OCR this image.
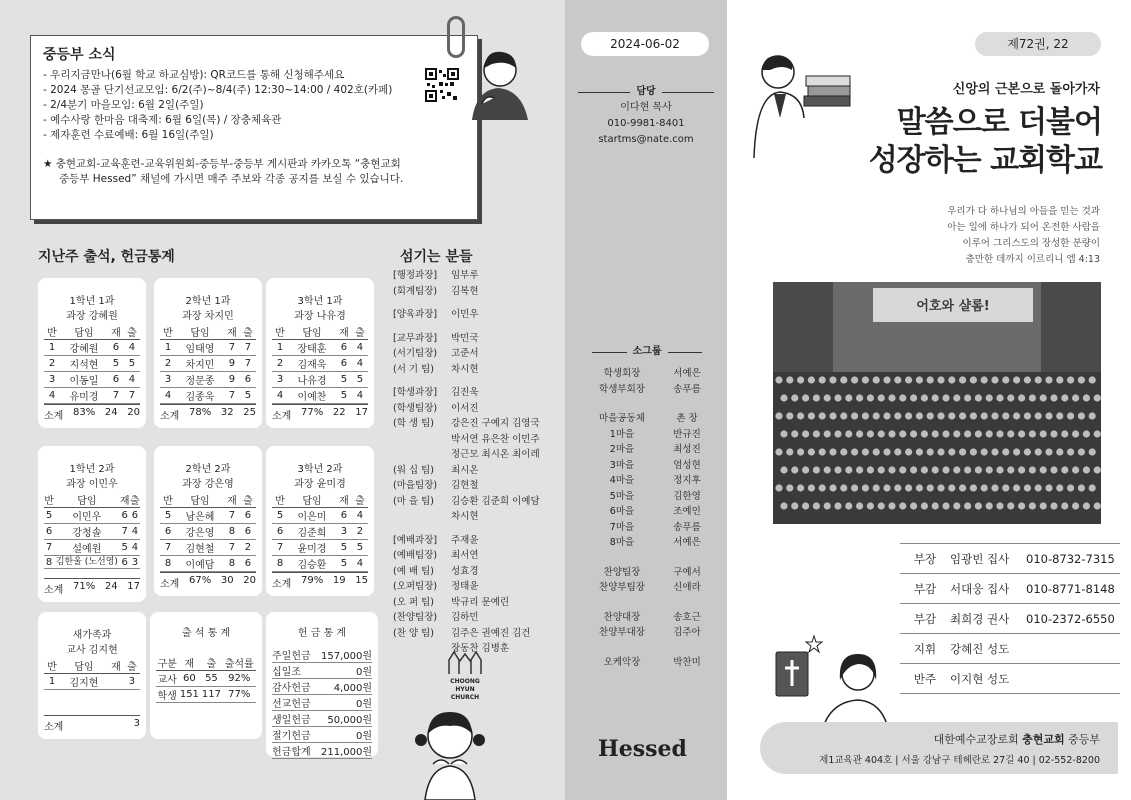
중등부 소식
- 우리지금만나(6월 학교 하교심방): QR코드를 통해 신청해주세요
- 2024 몽골 단기선교모임: 6/2(주)~8/4(주) 12:30~14:00 / 402호(카페)
- 2/4분기 마을모임: 6월 2일(주일)
- 예수사랑 한마음 대축제: 6월 6일(목) / 장충체육관
- 제자훈련 수료예배: 6월 16일(주일)
★ 충현교회-교육훈련-교육위원회-중등부-중등부 게시판과 카카오톡 “충현교회
중등부 Hessed” 채널에 가시면 매주 주보와 각종 공지를 보실 수 있습니다.
지난주 출석, 헌금통계
1학년 1과
과장 강혜원
반	담임	재	출
1	강혜원	6	4
2	지석현	5	5
3	이동일	6	4
4	유미경	7	7
소계 83% 24 20
2학년 1과
과장 차지민
반	담임	재	출
1	임태영	7	7
2	차지민	9	7
3	정문종	9	6
4	김종욱	7	5
소계 78% 32 25
3학년 1과
과장 나유경
반	담임	재	출
1	장태훈	6	4
2	김재욱	6	4
3	나유경	5	5
4	이예찬	5	4
소계 77% 22 17
1학년 2과
과장 이민우
반	담임	재	출
5	이민우	6	6
6	강청솔	7	4
7	설예원	5	4
8	김한울 (노선영)	6	3
소계 71% 24 17
2학년 2과
과장 강은영
반	담임	재	출
5	남은혜	7	6
6	강은영	8	6
7	김현철	7	2
8	이예담	8	6
소계 67% 30 20
3학년 2과
과장 윤미경
반	담임	재	출
5	이은미	6	4
6	김준희	3	2
7	윤미경	5	5
8	김승환	5	4
소계 79% 19 15
새가족과
교사 김지현
반	담임	재	출
1	김지현		3
소계	3
출 석 통 계
구분	재	출	출석률
교사	60	55	92%
학생	151	117	77%
헌 금 통 계
주일헌금	157,000원
십일조	0원
감사헌금	4,000원
선교헌금	0원
생일헌금	50,000원
절기헌금	0원
헌금합계	211,000원
섬기는 분들
[행정과장]	임부루
(회계팀장)	김복현
[양육과장]	이민우
[교무과장]	박민국
(서기팀장)	고준서
(서 기 팀)	차시현
[학생과장]	김진욱
(학생팀장)	이서진
(학 생 팀)	강은진 구예지 김영국
박서연 유은찬 이민주
정근모 최시온 최이레
(워 십 팀)	최시온
(마을팀장)	김현철
(마 을 팀)	김승환 김준희 이예담
차시현
[예배과장]	주재윤
(예배팀장)	최서연
(예 배 팀)	성효경
(오퍼팀장)	정태윤
(오 퍼 팀)	박규리 문예린
(찬양팀장)	김하민
(찬 양 팀)	김주은 권예진 김건
장동찬 김병훈
CHOONG HYUN
CHURCH
2024-06-02
담당
이다현 목사
010-9981-8401
startms@nate.com
소그룹
학생회장	서예은
학생부회장	송푸름
마을공동체	촌 장
1마을	반규진
2마을	최성진
3마을	엄성현
4마을	정지후
5마을	김한영
6마을	조예인
7마을	송푸름
8마을	서예은
찬양팀장	구예서
찬양부팀장	신애라
찬양대장	송호근
찬양부대장	김주아
오케악장	박찬미
Hessed
제72권, 22
신앙의 근본으로 돌아가자
말씀으로 더불어
성장하는 교회학교
우리가 다 하나님의 아들을 믿는 것과
아는 일에 하나가 되어 온전한 사람을
이루어 그리스도의 장성한 분량이
충만한 데까지 이르리니 엡 4:13
어호와 샬롬!
부장	임광빈 집사	010-8732-7315
부감	서대웅 집사	010-8771-8148
부감	최희경 권사	010-2372-6550
지휘	강혜진 성도
반주	이지현 성도
대한예수교장로회 충현교회 중등부
제1교육관 404호 | 서울 강남구 테헤란로 27길 40 | 02-552-8200
